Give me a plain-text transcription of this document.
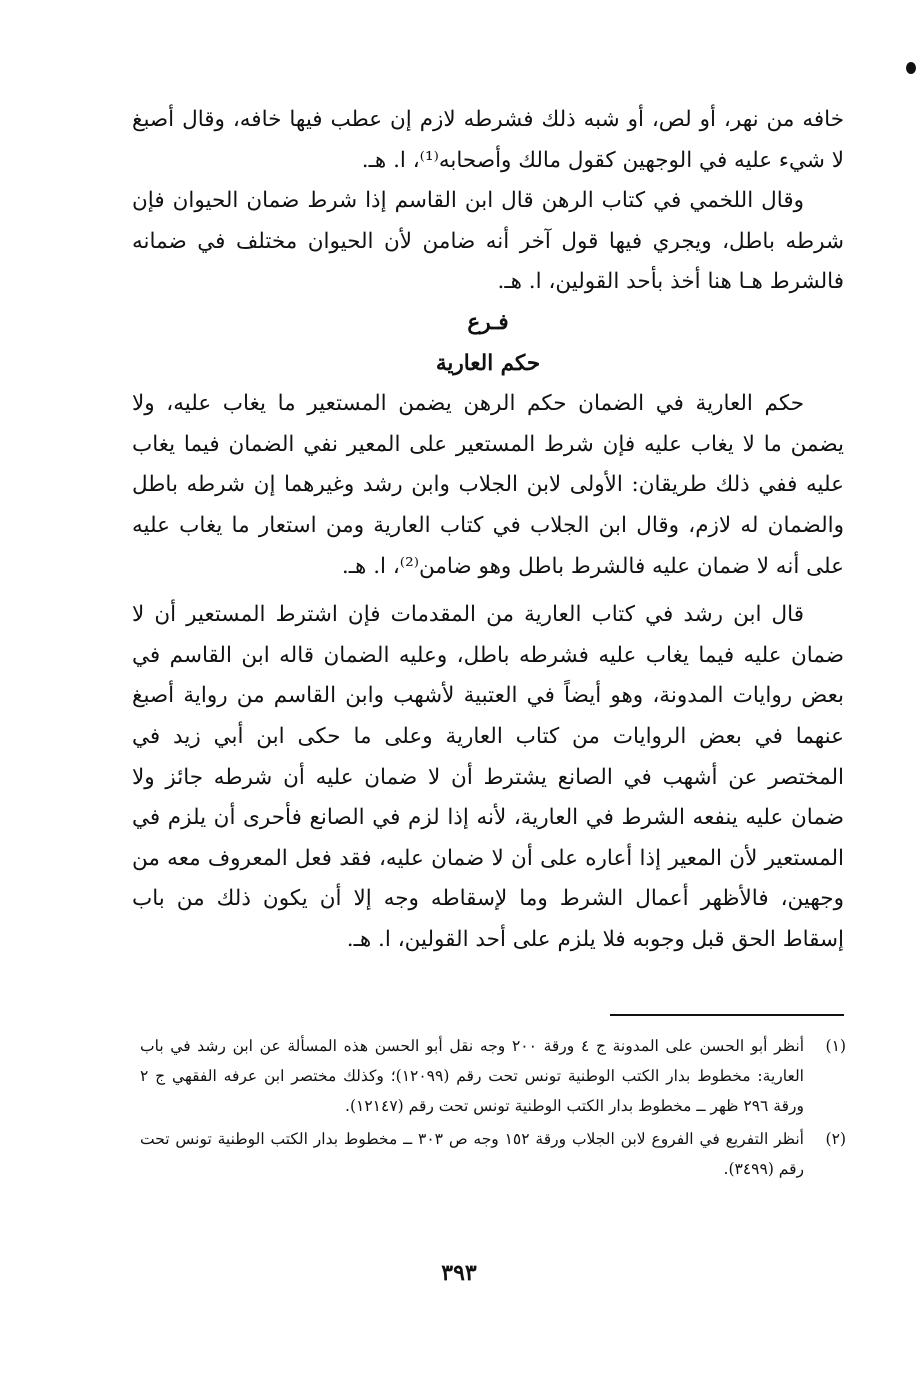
خافه من نهر، أو لص، أو شبه ذلك فشرطه لازم إن عطب فيها خافه، وقال أصبغ لا شيء عليه في الوجهين كقول مالك وأصحابه⁽¹⁾، ا. هـ.

وقال اللخمي في كتاب الرهن قال ابن القاسم إذا شرط ضمان الحيوان فإن شرطه باطل، ويجري فيها قول آخر أنه ضامن لأن الحيوان مختلف في ضمانه فالشرط هـا هنا أخذ بأحد القولين، ا. هـ.

فـرع

حكم العارية

حكم العارية في الضمان حكم الرهن يضمن المستعير ما يغاب عليه، ولا يضمن ما لا يغاب عليه فإن شرط المستعير على المعير نفي الضمان فيما يغاب عليه ففي ذلك طريقان: الأولى لابن الجلاب وابن رشد وغيرهما إن شرطه باطل والضمان له لازم، وقال ابن الجلاب في كتاب العارية ومن استعار ما يغاب عليه على أنه لا ضمان عليه فالشرط باطل وهو ضامن⁽²⁾، ا. هـ.

قال ابن رشد في كتاب العارية من المقدمات فإن اشترط المستعير أن لا ضمان عليه فيما يغاب عليه فشرطه باطل، وعليه الضمان قاله ابن القاسم في بعض روايات المدونة، وهو أيضاً في العتبية لأشهب وابن القاسم من رواية أصبغ عنهما في بعض الروايات من كتاب العارية وعلى ما حكى ابن أبي زيد في المختصر عن أشهب في الصانع يشترط أن لا ضمان عليه أن شرطه جائز ولا ضمان عليه ينفعه الشرط في العارية، لأنه إذا لزم في الصانع فأحرى أن يلزم في المستعير لأن المعير إذا أعاره على أن لا ضمان عليه، فقد فعل المعروف معه من وجهين، فالأظهر أعمال الشرط وما لإسقاطه وجه إلا أن يكون ذلك من باب إسقاط الحق قبل وجوبه فلا يلزم على أحد القولين، ا. هـ.

(١)
أنظر أبو الحسن على المدونة ج ٤ ورقة ٢٠٠ وجه نقل أبو الحسن هذه المسألة عن ابن رشد في باب العارية: مخطوط بدار الكتب الوطنية تونس تحت رقم (١٢٠٩٩)؛ وكذلك مختصر ابن عرفه الفقهي ج ٢ ورقة ٢٩٦ ظهر ــ مخطوط بدار الكتب الوطنية تونس تحت رقم (١٢١٤٧).
(٢)
أنظر التفريع في الفروع لابن الجلاب ورقة ١٥٢ وجه ص ٣٠٣ ــ مخطوط بدار الكتب الوطنية تونس تحت رقم (٣٤٩٩).
٣٩٣
